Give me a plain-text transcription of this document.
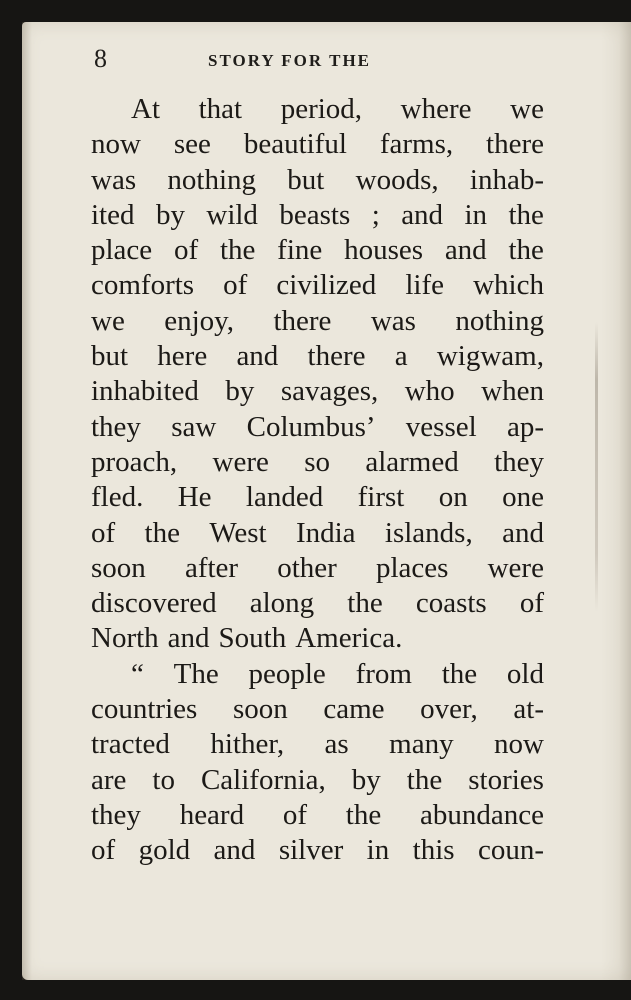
8	STORY FOR THE
At that period, where we
now see beautiful farms, there
was nothing but woods, inhab-
ited by wild beasts ; and in the
place of the fine houses and the
comforts of civilized life which
we enjoy, there was nothing
but here and there a wigwam,
inhabited by savages, who when
they saw Columbus’ vessel ap-
proach, were so alarmed they
fled. He landed first on one
of the West India islands, and
soon after other places were
discovered along the coasts of
North and South America.
“ The people from the old
countries soon came over, at-
tracted hither, as many now
are to California, by the stories
they heard of the abundance
of gold and silver in this coun-
